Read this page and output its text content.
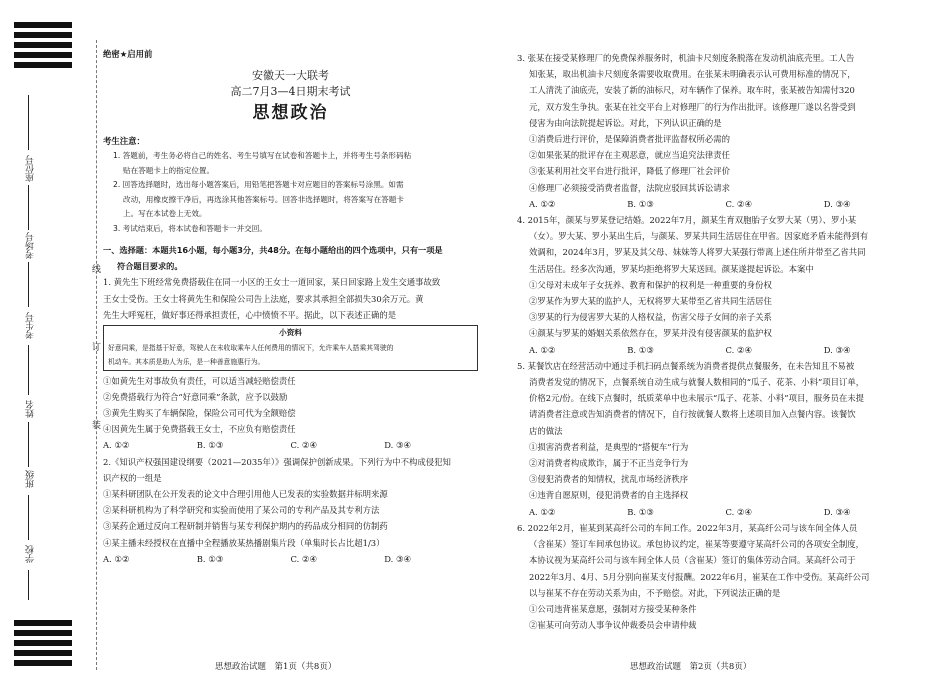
座位号
考场号
考生号
姓名
班级
学校
线
订
装

绝密★启用前

安徽天一大联考

高二7月3—4日期末考试

思想政治

考生注意：

1. 答题前，考生务必将自己的姓名、考生号填写在试卷和答题卡上，并将考生号条形码粘

贴在答题卡上的指定位置。

2. 回答选择题时，选出每小题答案后，用铅笔把答题卡对应题目的答案标号涂黑。如需

改动，用橡皮擦干净后，再选涂其他答案标号。回答非选择题时，将答案写在答题卡

上。写在本试卷上无效。

3. 考试结束后，将本试卷和答题卡一并交回。

一、选择题：本题共16小题，每小题3分，共48分。在每小题给出的四个选项中，只有一项是

符合题目要求的。

1. 黄先生下班经常免费搭载住在同一小区的王女士一道回家，某日回家路上发生交通事故致

王女士受伤。王女士将黄先生和保险公司告上法庭，要求其承担全部损失30余万元。黄

先生大呼冤枉，做好事还得承担责任，心中愤愤不平。据此，以下表述正确的是

小资料

好意同乘，是指基于好意，驾驶人在未收取乘车人任何费用的情况下，允许乘车人搭乘其驾驶的

机动车。其本质是助人为乐，是一种善意施惠行为。

①如黄先生对事故负有责任，可以适当减轻赔偿责任

②免费搭载行为符合“好意同乘”条款，应予以鼓励

③黄先生购买了车辆保险，保险公司可代为全额赔偿

④因黄先生属于免费搭载王女士，不应负有赔偿责任

A. ①②	B. ①③	C. ②④	D. ③④

2.《知识产权强国建设纲要（2021—2035年）》强调保护创新成果。下列行为中不构成侵犯知

识产权的一组是

①某科研团队在公开发表的论文中合理引用他人已发表的实验数据并标明来源

②某科研机构为了科学研究和实验而使用了某公司的专利产品及其专利方法

③某药企通过反向工程研制并销售与某专利保护期内的药品成分相同的仿制药

④某主播未经授权在直播中全程播放某热播剧集片段（单集时长占比超1/3）

A. ①②	B. ①③	C. ②④	D. ③④
思想政治试题　第1页（共8页）

3. 张某在接受某修理厂的免费保养服务时，机油卡尺刻度条脱落在发动机油底壳里。工人告

知张某，取出机油卡尺刻度条需要收取费用。在张某未明确表示认可费用标准的情况下，

工人清洗了油底壳，安装了新的油标尺，对车辆作了保养。取车时，张某被告知需付320

元，双方发生争执。张某在社交平台上对修理厂的行为作出批评。该修理厂遂以名誉受到

侵害为由向法院提起诉讼。对此，下列认识正确的是

①消费后进行评价，是保障消费者批评监督权所必需的

②如果张某的批评存在主观恶意，就应当追究法律责任

③张某利用社交平台进行批评，降低了修理厂社会评价

④修理厂必须接受消费者监督，法院应驳回其诉讼请求

A. ①②	B. ①③	C. ②④	D. ③④

4. 2015年，颜某与罗某登记结婚。2022年7月，颜某生育双胞胎子女罗大某（男）、罗小某

（女）。罗大某、罗小某出生后，与颜某、罗某共同生活居住在甲省。因家庭矛盾未能得到有

效调和，2024年3月，罗某及其父母、妹妹等人将罗大某强行带离上述住所并带至乙省共同

生活居住。经多次沟通，罗某均拒绝将罗大某送回。颜某遂提起诉讼。本案中

①父母对未成年子女抚养、教育和保护的权利是一种重要的身份权

②罗某作为罗大某的监护人，无权将罗大某带至乙省共同生活居住

③罗某的行为侵害罗大某的人格权益，伤害父母子女间的亲子关系

④颜某与罗某的婚姻关系依然存在，罗某并没有侵害颜某的监护权

A. ①②	B. ①③	C. ②④	D. ③④

5. 某餐饮店在经营活动中通过手机扫码点餐系统为消费者提供点餐服务，在未告知且不易被

消费者发觉的情况下，点餐系统自动生成与就餐人数相同的“瓜子、花茶、小料”项目订单，

价格2元/份。在线下点餐时，纸质菜单中也未展示“瓜子、花茶、小料”项目，服务员在未提

请消费者注意或告知消费者的情况下，自行按就餐人数将上述项目加入点餐内容。该餐饮

店的做法

①损害消费者利益，是典型的“搭便车”行为

②对消费者构成欺诈，属于不正当竞争行为

③侵犯消费者的知情权，扰乱市场经济秩序

④违背自愿原则，侵犯消费者的自主选择权

A. ①②	B. ①③	C. ②④	D. ③④

6. 2022年2月，崔某到某高纤公司的车间工作。2022年3月，某高纤公司与该车间全体人员

（含崔某）签订车间承包协议。承包协议约定，崔某等要遵守某高纤公司的各项安全制度，

本协议视为某高纤公司与该车间全体人员（含崔某）签订的集体劳动合同。某高纤公司于

2022年3月、4月、5月分别向崔某支付报酬。2022年6月，崔某在工作中受伤。某高纤公司

以与崔某不存在劳动关系为由，不予赔偿。对此，下列说法正确的是

①公司违背崔某意愿，强制对方接受某种条件

②崔某可向劳动人事争议仲裁委员会申请仲裁

思想政治试题　第2页（共8页）
